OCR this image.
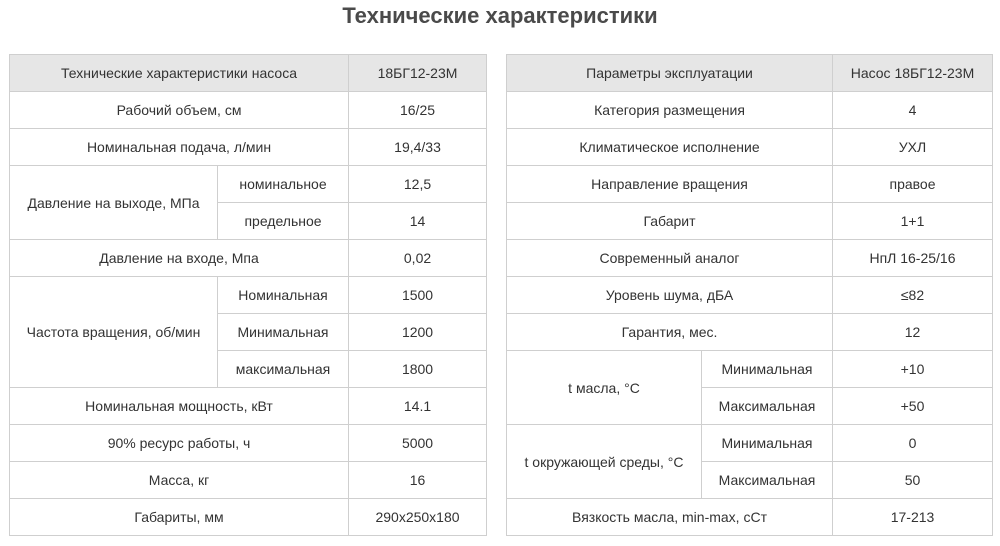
Технические характеристики
Технические характеристики насоса		18БГ12-23М
Рабочий объем, см		16/25
Номинальная подача, л/мин		19,4/33
Давление на выходе, МПа	номинальное	12,5
	предельное	14
Давление на входе, Мпа		0,02
Частота вращения, об/мин	Номинальная	1500
	Минимальная	1200
	максимальная	1800
Номинальная мощность, кВт		14.1
90% ресурс работы, ч		5000
Масса, кг		16
Габариты, мм		290x250x180
Параметры эксплуатации		Насос 18БГ12-23М
Категория размещения		4
Климатическое исполнение		УХЛ
Направление вращения		правое
Габарит		1+1
Современный аналог		НпЛ 16-25/16
Уровень шума, дБА		≤82
Гарантия, мес.		12
t масла, °С	Минимальная	+10
	Максимальная	+50
t окружающей среды, °С	Минимальная	0
	Максимальная	50
Вязкость масла, min-max, сСт		17-213
